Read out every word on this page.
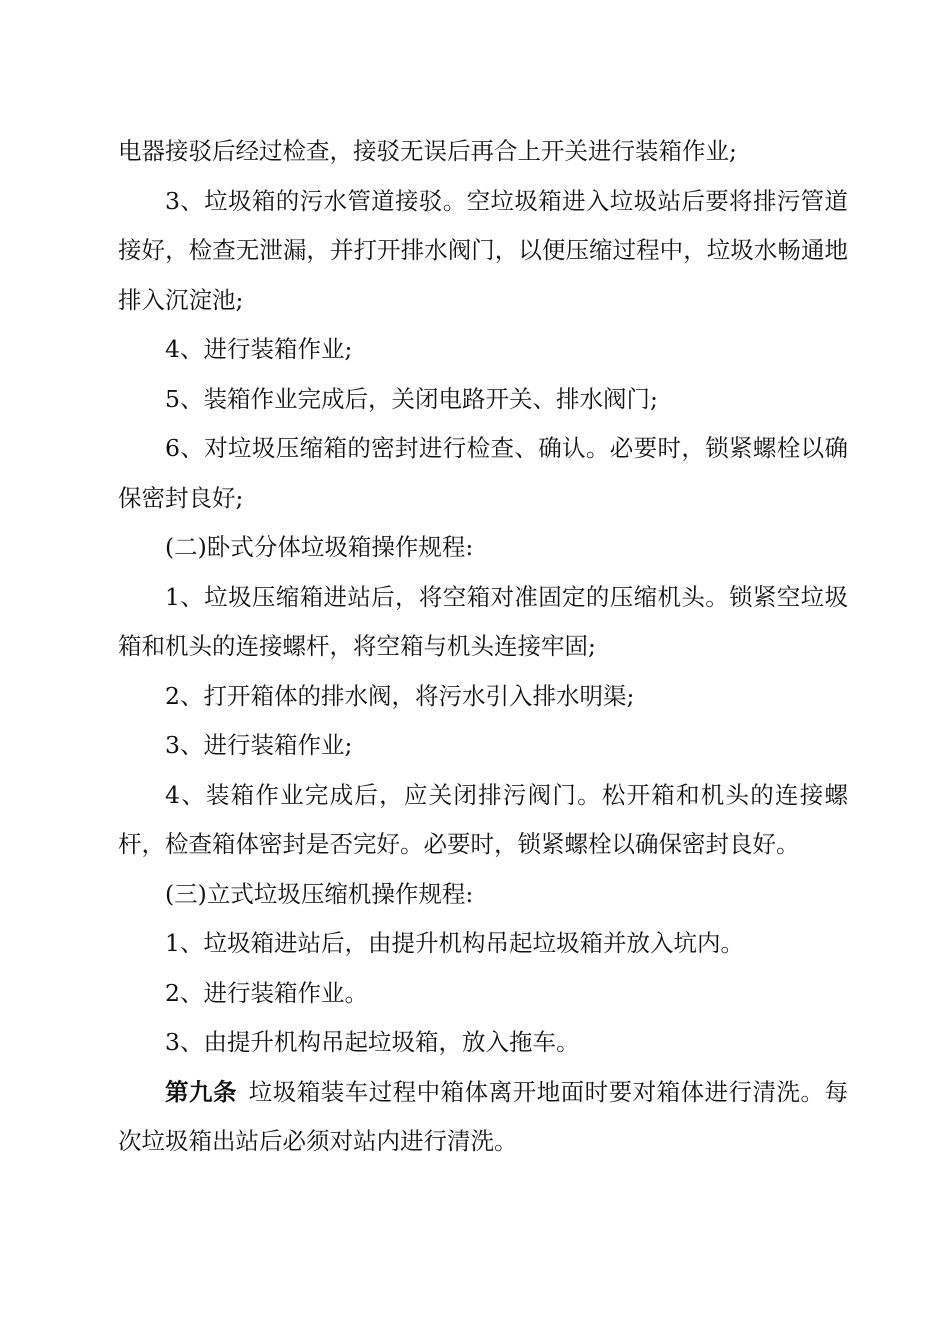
电器接驳后经过检查，接驳无误后再合上开关进行装箱作业;

3、垃圾箱的污水管道接驳。空垃圾箱进入垃圾站后要将排污管道接好，检查无泄漏，并打开排水阀门，以便压缩过程中，垃圾水畅通地排入沉淀池;

4、进行装箱作业;

5、装箱作业完成后，关闭电路开关、排水阀门;

6、对垃圾压缩箱的密封进行检查、确认。必要时，锁紧螺栓以确保密封良好;

(二)卧式分体垃圾箱操作规程:

1、垃圾压缩箱进站后，将空箱对准固定的压缩机头。锁紧空垃圾箱和机头的连接螺杆，将空箱与机头连接牢固;

2、打开箱体的排水阀，将污水引入排水明渠;

3、进行装箱作业;

4、装箱作业完成后，应关闭排污阀门。松开箱和机头的连接螺杆，检查箱体密封是否完好。必要时，锁紧螺栓以确保密封良好。

(三)立式垃圾压缩机操作规程:

1、垃圾箱进站后，由提升机构吊起垃圾箱并放入坑内。

2、进行装箱作业。

3、由提升机构吊起垃圾箱，放入拖车。

第九条 垃圾箱装车过程中箱体离开地面时要对箱体进行清洗。每次垃圾箱出站后必须对站内进行清洗。
